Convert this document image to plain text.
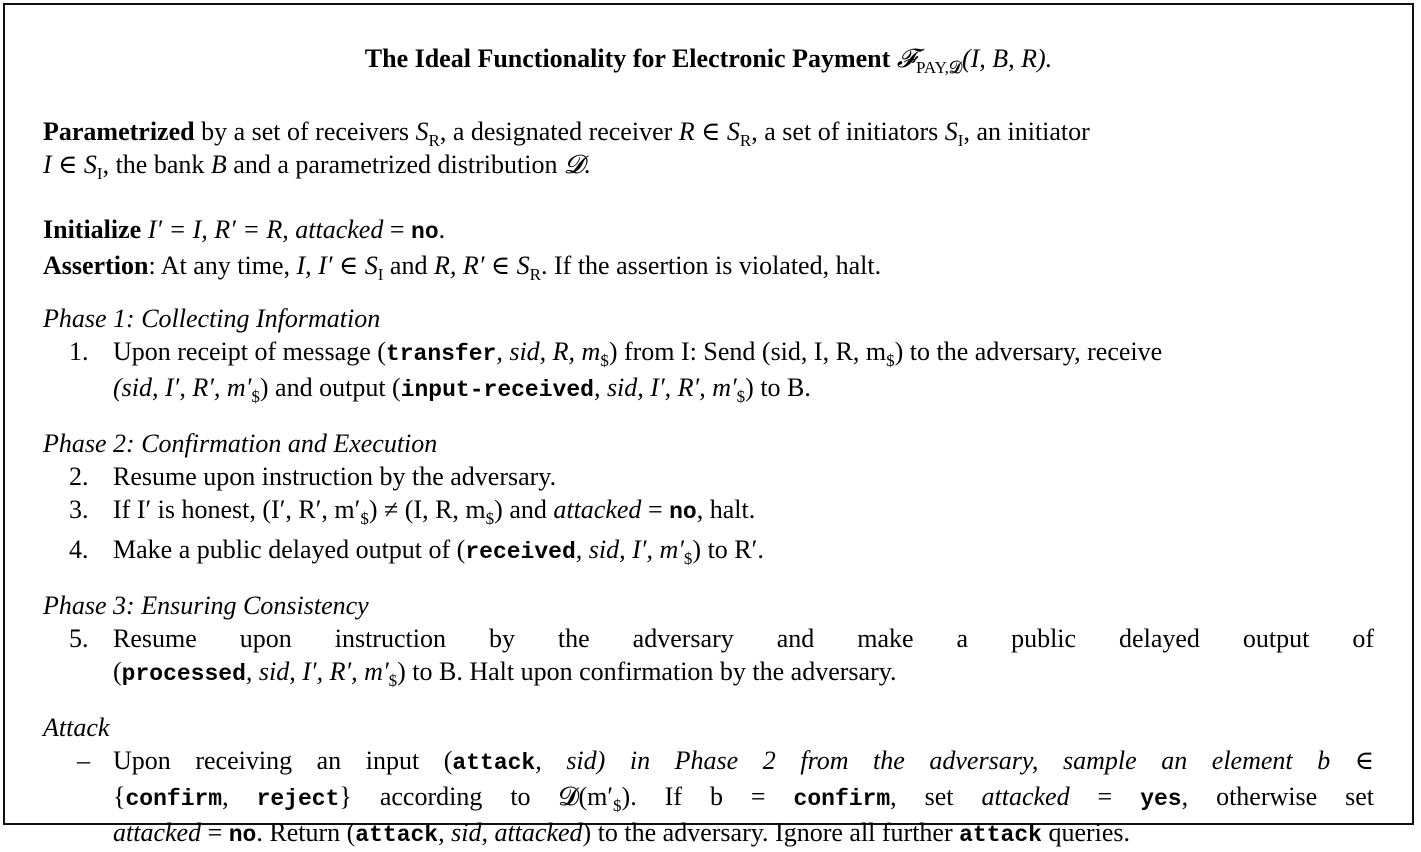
The Ideal Functionality for Electronic Payment 𝓕$_{PAY,𝓓}$(I, B, R).

Parametrized by a set of receivers $S_R$, a designated receiver R ∈ $S_R$, a set of initiators $S_I$, an initiator
I ∈ $S_I$, the bank B and a parametrized distribution 𝓓.

Initialize I′ = I, R′ = R, attacked = no.

Assertion: At any time, I, I′ ∈ $S_I$ and R, R′ ∈ $S_R$. If the assertion is violated, halt.

Phase 1: Collecting Information

1. Upon receipt of message (transfer, sid, R, $m_{\$}$) from I: Send (sid, I, R, $m_{\$}$) to the adversary, receive
(sid, I′, R′, $m'_{\$}$) and output (input-received, sid, I′, R′, $m'_{\$}$) to B.

Phase 2: Confirmation and Execution

2. Resume upon instruction by the adversary.
3. If I′ is honest, (I′, R′, $m'_{\$}) \ne (I$, R, $m_{\$}$) and attacked = no, halt.
4. Make a public delayed output of (received, sid, I′, $m'_{\$}$) to R′.

Phase 3: Ensuring Consistency

5. Resume upon instruction by the adversary and make a public delayed output of
(processed, sid, I′, R′, $m'_{\$}$) to B. Halt upon confirmation by the adversary.

Attack

– Upon receiving an input (attack, sid) in Phase 2 from the adversary, sample an element b ∈
{confirm, reject} according to $𝓓(m'_{\$})$. If b = confirm, set attacked = yes, otherwise set
attacked = no. Return (attack, sid, attacked) to the adversary. Ignore all further attack queries.
